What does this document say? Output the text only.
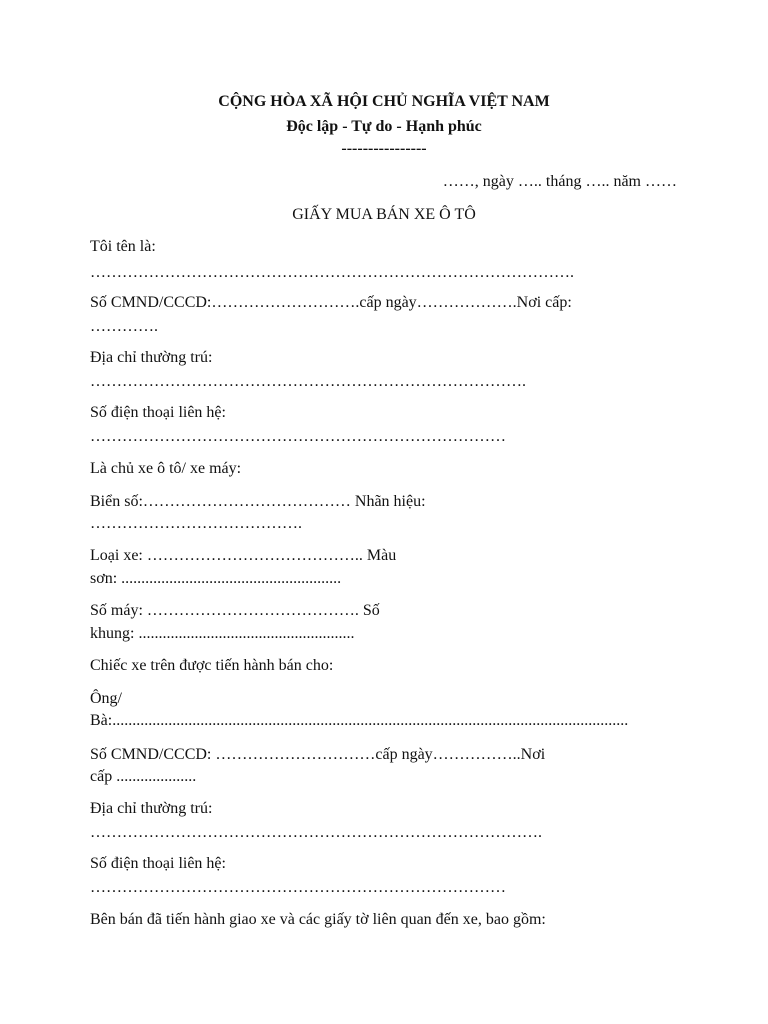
CỘNG HÒA XÃ HỘI CHỦ NGHĨA VIỆT NAM
Độc lập - Tự do - Hạnh phúc
----------------
……, ngày ….. tháng ….. năm ……
GIẤY MUA BÁN XE Ô TÔ
Tôi tên là:
……………………………………………………………………………….
Số CMND/CCCD:……………………….cấp ngày……………….Nơi cấp:
………….
Địa chỉ thường trú:
……………………………………………………………………….
Số điện thoại liên hệ:
……………………………………………………………………
Là chủ xe ô tô/ xe máy:
Biển số:………………………………… Nhãn hiệu:
………………………………….
Loại xe: ………………………………….. Màu
sơn: .......................................................
Số máy: …………………………………. Số
khung: ......................................................
Chiếc xe trên được tiến hành bán cho:
Ông/
Bà:.................................................................................................................................
Số CMND/CCCD: …………………………cấp ngày……………..Nơi
cấp ....................
Địa chỉ thường trú:
………………………………………………………………………….
Số điện thoại liên hệ:
……………………………………………………………………
Bên bán đã tiến hành giao xe và các giấy tờ liên quan đến xe, bao gồm:
